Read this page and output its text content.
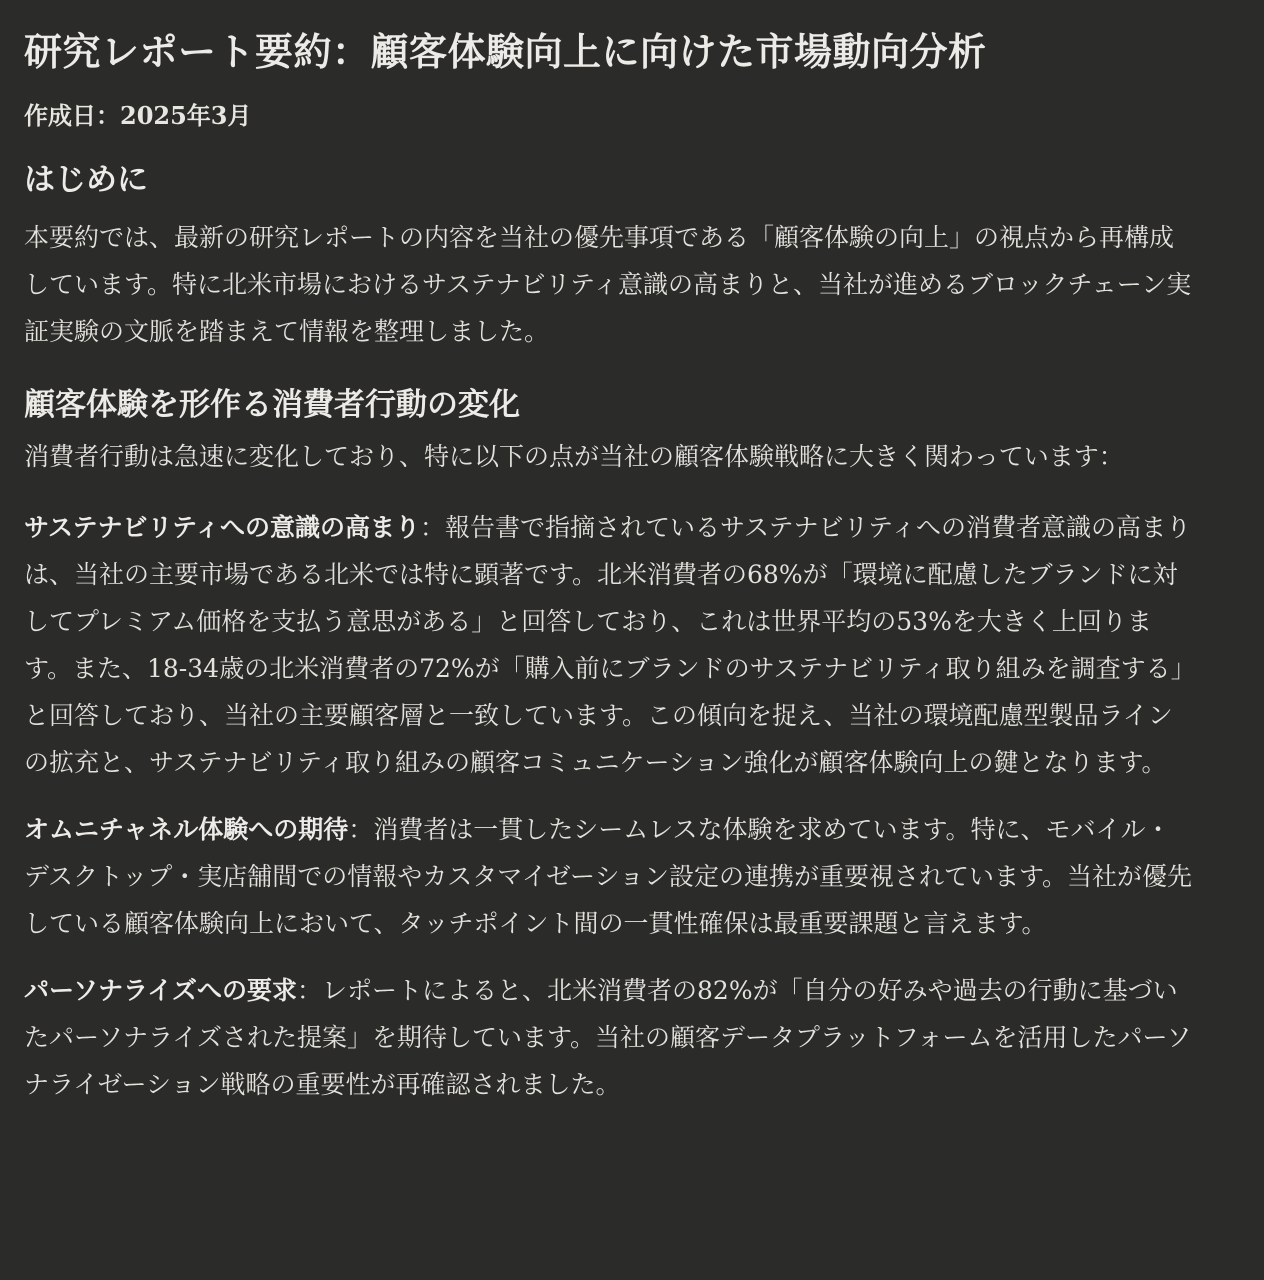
研究レポート要約：顧客体験向上に向けた市場動向分析
作成日：2025年3月
はじめに

本要約では、最新の研究レポートの内容を当社の優先事項である「顧客体験の向上」の視点から再構成しています。特に北米市場におけるサステナビリティ意識の高まりと、当社が進めるブロックチェーン実証実験の文脈を踏まえて情報を整理しました。

顧客体験を形作る消費者行動の変化

消費者行動は急速に変化しており、特に以下の点が当社の顧客体験戦略に大きく関わっています：

サステナビリティへの意識の高まり：報告書で指摘されているサステナビリティへの消費者意識の高まりは、当社の主要市場である北米では特に顕著です。北米消費者の68%が「環境に配慮したブランドに対してプレミアム価格を支払う意思がある」と回答しており、これは世界平均の53%を大きく上回ります。また、18-34歳の北米消費者の72%が「購入前にブランドのサステナビリティ取り組みを調査する」と回答しており、当社の主要顧客層と一致しています。この傾向を捉え、当社の環境配慮型製品ラインの拡充と、サステナビリティ取り組みの顧客コミュニケーション強化が顧客体験向上の鍵となります。

オムニチャネル体験への期待：消費者は一貫したシームレスな体験を求めています。特に、モバイル・デスクトップ・実店舗間での情報やカスタマイゼーション設定の連携が重要視されています。当社が優先している顧客体験向上において、タッチポイント間の一貫性確保は最重要課題と言えます。

パーソナライズへの要求：レポートによると、北米消費者の82%が「自分の好みや過去の行動に基づいたパーソナライズされた提案」を期待しています。当社の顧客データプラットフォームを活用したパーソナライゼーション戦略の重要性が再確認されました。
